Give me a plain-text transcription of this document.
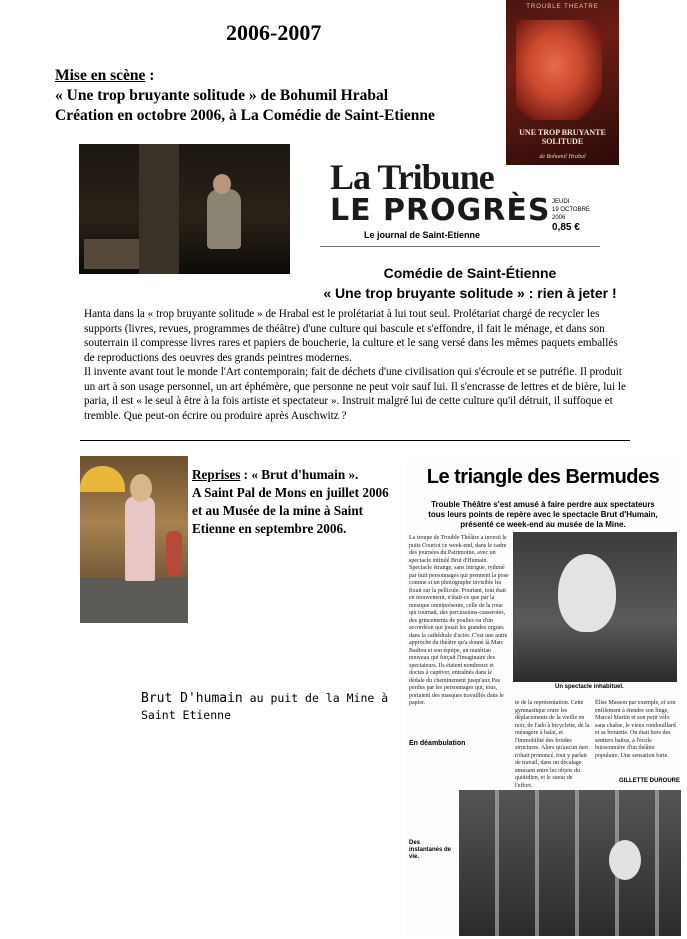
2006-2007
Mise en scène :
« Une trop bruyante solitude » de Bohumil Hrabal
Création en octobre 2006, à La Comédie de Saint-Etienne
TROUBLE THEATRE
UNE TROP BRUYANTE SOLITUDE
de Bohumil Hrabal
La Tribune
LE PROGRÈS
Le journal de Saint-Etienne
JEUDI
19 OCTOBRE 2006
0,85 €
Comédie de Saint-Étienne
« Une trop bruyante solitude » : rien à jeter !

Hanta dans la « trop bruyante solitude » de Hrabal est le prolétariat à lui tout seul. Prolétariat chargé de recycler les supports (livres, revues, programmes de théâtre) d'une culture qui bascule et s'effondre, il fait le ménage, et dans son souterrain il compresse livres rares et papiers de boucherie, la culture et le sang versé dans les mêmes paquets emballés de reproductions des oeuvres des grands peintres modernes.

Il invente avant tout le monde l'Art contemporain; fait de déchets d'une civilisation qui s'écroule et se putréfie. Il produit un art à son usage personnel, un art éphémère, que personne ne peut voir sauf lui. Il s'encrasse de lettres et de bière, lui le paria, il est « le seul à être à la fois artiste et spectateur ». Instruit malgré lui de cette culture qu'il détruit, il suffoque et tremble. Que peut-on écrire ou produire après Auschwitz ?

Reprises : « Brut d'humain ».
A Saint Pal de Mons en juillet 2006
et au Musée de la mine à Saint
Etienne en septembre 2006.
Brut D'humain au puit de la Mine à
Saint Etienne
Le triangle des Bermudes
Trouble Théâtre s'est amusé à faire perdre aux spectateurs tous leurs points de repère avec le spectacle Brut d'Humain, présenté ce week-end au musée de la Mine.
La troupe de Trouble Théâtre a investi le puits Couriot ce week-end, dans le cadre des journées du Patrimoine, avec un spectacle intitulé Brut d'Humain. Spectacle étrange, sans intrigue, rythmé par huit personnages qui prennent la pose comme si un photographe invisible les fixait sur la pellicule. Pourtant, tout était en mouvement, n'était-ce que par la musique omniprésente, celle de la roue qui tournait, des percussions-casseroles, des grincements de poulies ou d'un accordéon qui jouait les grandes orgues dans la cathédrale d'acier. C'est une autre approche du théâtre qu'a donné là Marc Badiou et son équipe, un matériau nouveau qui forçait l'imaginaire des spectateurs. Ils étaient nombreux et doctes à captiver, entraînés dans le dédale du cheminement jusqu'aux Pas perdus par les personnages qui, tous, portaient des masques travaillés dans le papier.
Un spectacle inhabituel.
te de la représentation. Cette gymnastique entre les déplacements de la vieille en noir, de l'ado à bicyclette, de la ménagère à balai, et l'immobilité des froides structures. Alors qu'aucun mot n'était prononcé, tout y parlait de travail, dans un décalage amusant entre les objets du quotidien, et le sueur de l'effort.
Élise Masson par exemple, et son enfilement à étendre son linge, Marcel Martin et son petit vélo sans chaîne, le vieux rondouillard et sa brouette. On était hors des sentiers battus, à l'école buissonnière d'un théâtre populaire. Une sensation forte.
En déambulation
GILLETTE DUROURE
Des instantanés de vie.
